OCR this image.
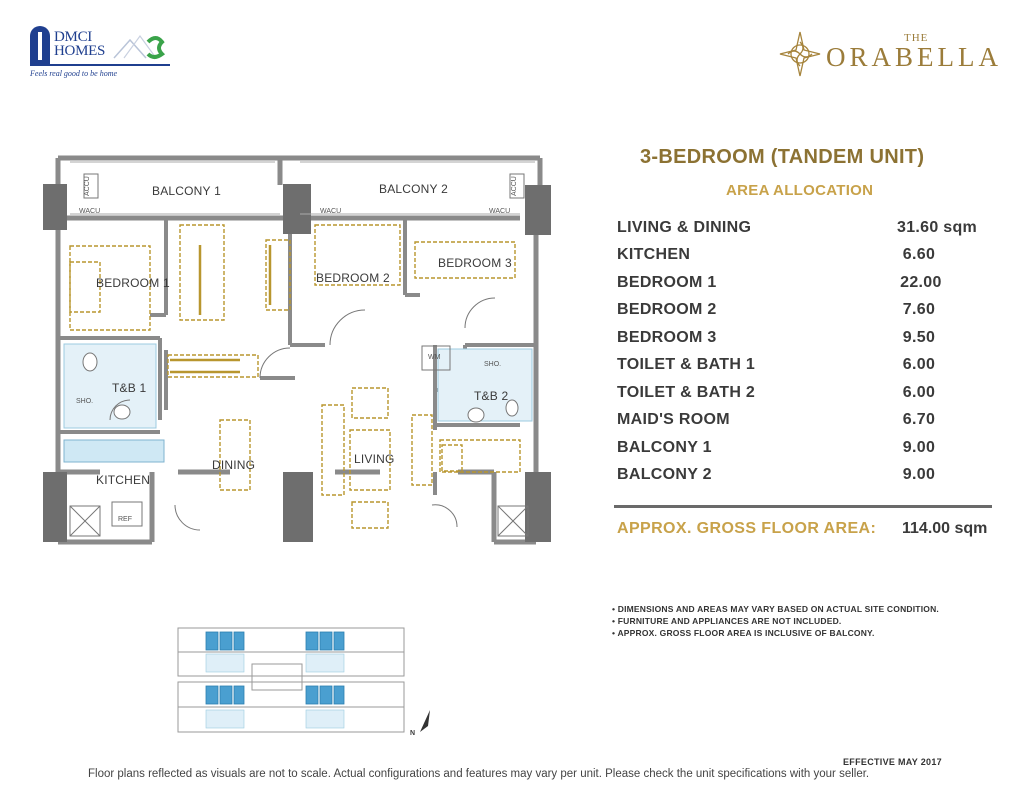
DMCI
HOMES
Feels real good to be home
THE
ORABELLA
BALCONY 1	BALCONY 2
BEDROOM 1	BEDROOM 2
BEDROOM 3
T&B 1
T&B 2
DINING	LIVING
KITCHEN
WACU	WACU	WACU
ACCU	ACCU
WM
SHO.
SHO.
REF
3-BEDROOM (TANDEM UNIT)
AREA ALLOCATION
LIVING & DINING	31.60 sqm
KITCHEN	6.60
BEDROOM 1	22.00
BEDROOM 2	7.60
BEDROOM 3	9.50
TOILET & BATH 1	6.00
TOILET & BATH 2	6.00
MAID'S ROOM	6.70
BALCONY 1	9.00
BALCONY 2	9.00
APPROX. GROSS FLOOR AREA: 114.00 sqm
• DIMENSIONS AND AREAS MAY VARY BASED ON ACTUAL SITE CONDITION.
• FURNITURE AND APPLIANCES ARE NOT INCLUDED.
• APPROX. GROSS FLOOR AREA IS INCLUSIVE OF BALCONY.
N
EFFECTIVE MAY 2017
Floor plans reflected as visuals are not to scale. Actual configurations and features may vary per unit. Please check the unit specifications with your seller.
